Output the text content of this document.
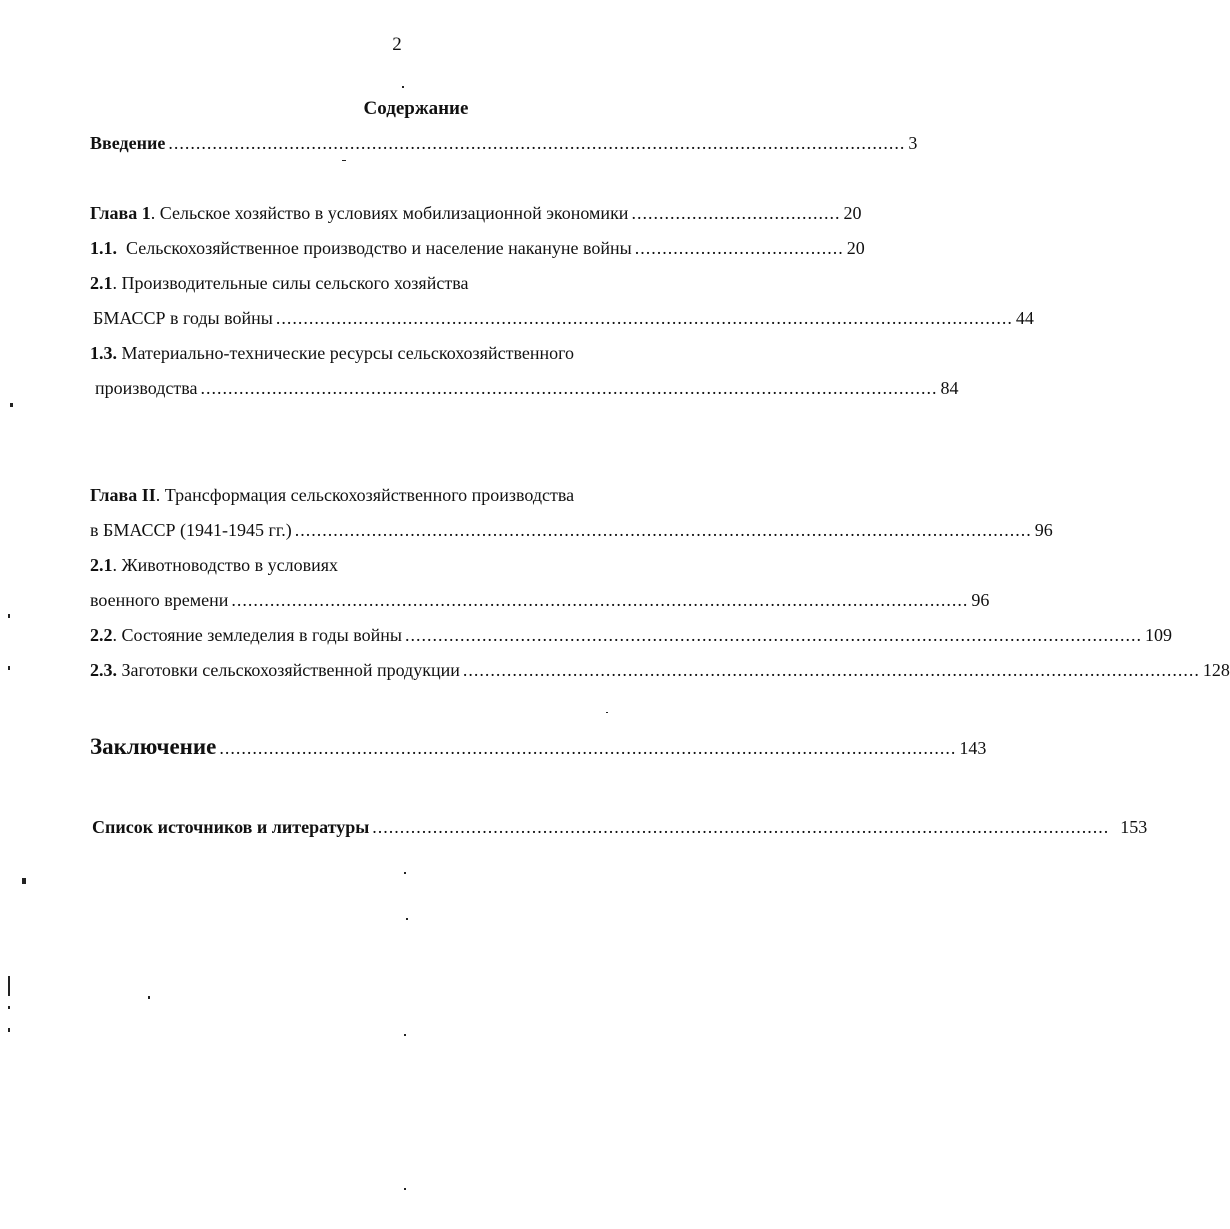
2
Содержание
Введение ...................................................................................................................................... 3
Глава 1. Сельское хозяйство в условиях мобилизационной экономики ...................................... 20
1.1. Сельскохозяйственное производство и население накануне войны ...................................... 20
2.1. Производительные силы сельского хозяйства
БМАССР в годы войны ...................................................................................................................................... 44
1.3. Материально-технические ресурсы сельскохозяйственного
производства ...................................................................................................................................... 84
Глава II. Трансформация сельскохозяйственного производства
в БМАССР (1941-1945 гг.) ...................................................................................................................................... 96
2.1. Животноводство в условиях
военного времени ...................................................................................................................................... 96
2.2. Состояние земледелия в годы войны ...................................................................................................................................... 109
2.3. Заготовки сельскохозяйственной продукции ...................................................................................................................................... 128
Заключение ...................................................................................................................................... 143
Список источников и литературы ...................................................................................................................................... 153
